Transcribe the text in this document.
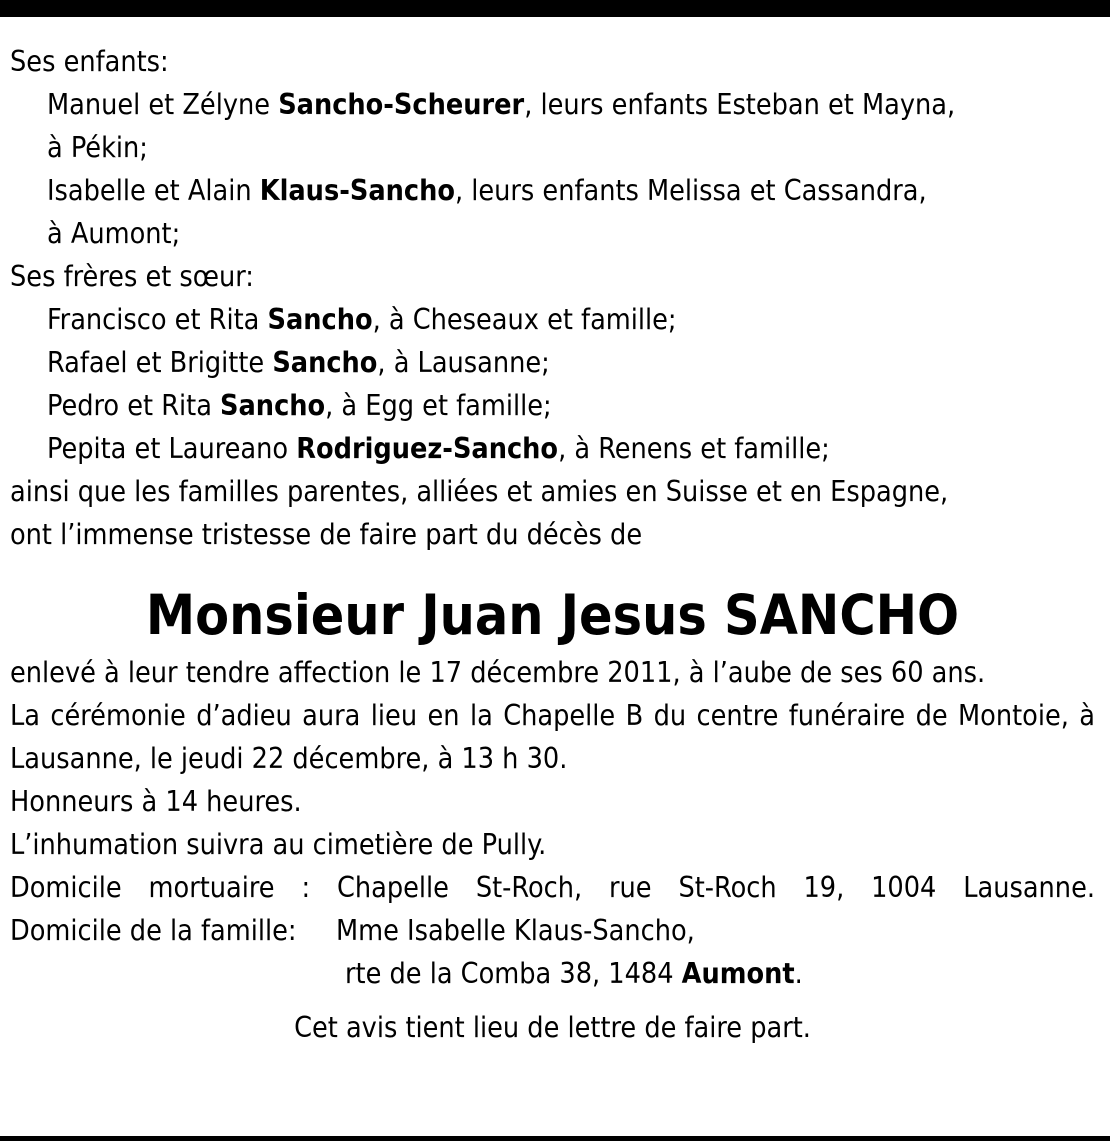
Ses enfants:
Manuel et Zélyne Sancho-Scheurer, leurs enfants Esteban et Mayna,
à Pékin;
Isabelle et Alain Klaus-Sancho, leurs enfants Melissa et Cassandra,
à Aumont;
Ses frères et sœur:
Francisco et Rita Sancho, à Cheseaux et famille;
Rafael et Brigitte Sancho, à Lausanne;
Pedro et Rita Sancho, à Egg et famille;
Pepita et Laureano Rodriguez-Sancho, à Renens et famille;
ainsi que les familles parentes, alliées et amies en Suisse et en Espagne,
ont l’immense tristesse de faire part du décès de
Monsieur Juan Jesus SANCHO
enlevé à leur tendre affection le 17 décembre 2011, à l’aube de ses 60 ans.
La cérémonie d’adieu aura lieu en la Chapelle B du centre funéraire de Montoie, à Lausanne, le jeudi 22 décembre, à 13 h 30.
Honneurs à 14 heures.
L’inhumation suivra au cimetière de Pully.
Domicile mortuaire : Chapelle St-Roch, rue St-Roch 19, 1004 Lausanne.
Domicile de la famille:	Mme Isabelle Klaus-Sancho,
rte de la Comba 38, 1484 Aumont.
Cet avis tient lieu de lettre de faire part.
